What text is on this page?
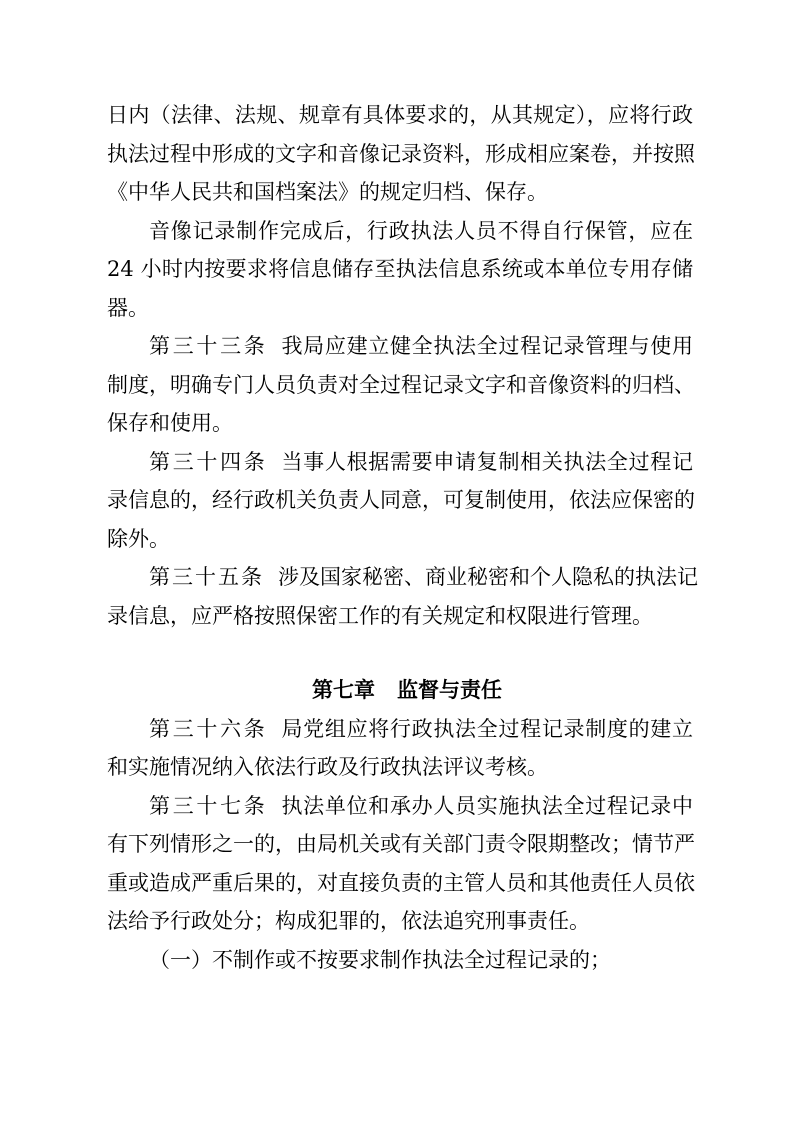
日内（法律、法规、规章有具体要求的，从其规定），应将行政
执法过程中形成的文字和音像记录资料，形成相应案卷，并按照
《中华人民共和国档案法》的规定归档、保存。
音像记录制作完成后，行政执法人员不得自行保管，应在
24 小时内按要求将信息储存至执法信息系统或本单位专用存储
器。
第三十三条 我局应建立健全执法全过程记录管理与使用
制度，明确专门人员负责对全过程记录文字和音像资料的归档、
保存和使用。
第三十四条 当事人根据需要申请复制相关执法全过程记
录信息的，经行政机关负责人同意，可复制使用，依法应保密的
除外。
第三十五条 涉及国家秘密、商业秘密和个人隐私的执法记
录信息，应严格按照保密工作的有关规定和权限进行管理。
第七章 监督与责任
第三十六条 局党组应将行政执法全过程记录制度的建立
和实施情况纳入依法行政及行政执法评议考核。
第三十七条 执法单位和承办人员实施执法全过程记录中
有下列情形之一的，由局机关或有关部门责令限期整改；情节严
重或造成严重后果的，对直接负责的主管人员和其他责任人员依
法给予行政处分；构成犯罪的，依法追究刑事责任。
（一）不制作或不按要求制作执法全过程记录的；
